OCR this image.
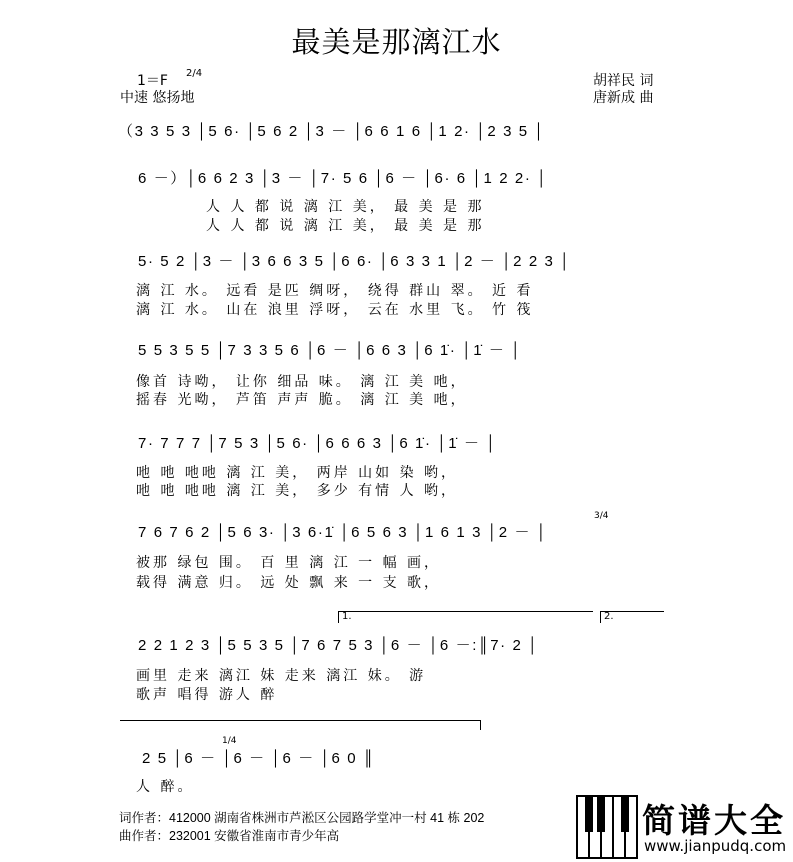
最美是那漓江水
1＝F 2/4
中速 悠扬地
胡祥民 词
唐新成 曲
（3 3 5 3 │5 6· │5 6 2 │3 － │6 6 1 6 │1 2· │2 3 5 │
6 －）│6 6 2 3 │3 － │7· 5 6 │6 － │6· 6 │1 2 2· │
人 人 都 说 漓 江 美， 最 美 是 那
人 人 都 说 漓 江 美， 最 美 是 那
5· 5 2 │3 － │3 6 6 3 5 │6 6· │6 3 3 1 │2 － │2 2 3 │
漓 江 水。 远看 是匹 绸呀， 绕得 群山 翠。 近 看
漓 江 水。 山在 浪里 浮呀， 云在 水里 飞。 竹 筏
5 5 3 5 5 │7 3 3 5 6 │6 － │6 6 3 │6 1̇· │1̇ － │
像首 诗呦， 让你 细品 味。 漓 江 美 吔，
摇春 光呦， 芦笛 声声 脆。 漓 江 美 吔，
7· 7 7 7 │7 5 3 │5 6· │6 6 6 3 │6 1̇· │1̇ － │
吔 吔 吔吔 漓 江 美， 两岸 山如 染 哟，
吔 吔 吔吔 漓 江 美， 多少 有情 人 哟，
7 6 7 6 2 │5 6 3· │3 6·1̇ │6 5 6 3 │1 6 1 3 │2 － │
3/4
被那 绿包 围。 百 里 漓 江 一 幅 画，
载得 满意 归。 远 处 飘 来 一 支 歌，
1.	2.
2 2 1 2 3 │5 5 3 5 │7 6 7 5 3 │6 － │6 －:║7· 2 │
画里 走来 漓江 妹 走来 漓江 妹。 游
歌声 唱得 游人 醉
1/4
2 5 │6 － │6 － │6 － │6 0 ║
人 醉。
词作者：412000 湖南省株洲市芦淞区公园路学堂冲一村 41 栋 202
曲作者：232001 安徽省淮南市青少年高	简谱大全
www.jianpudq.com
